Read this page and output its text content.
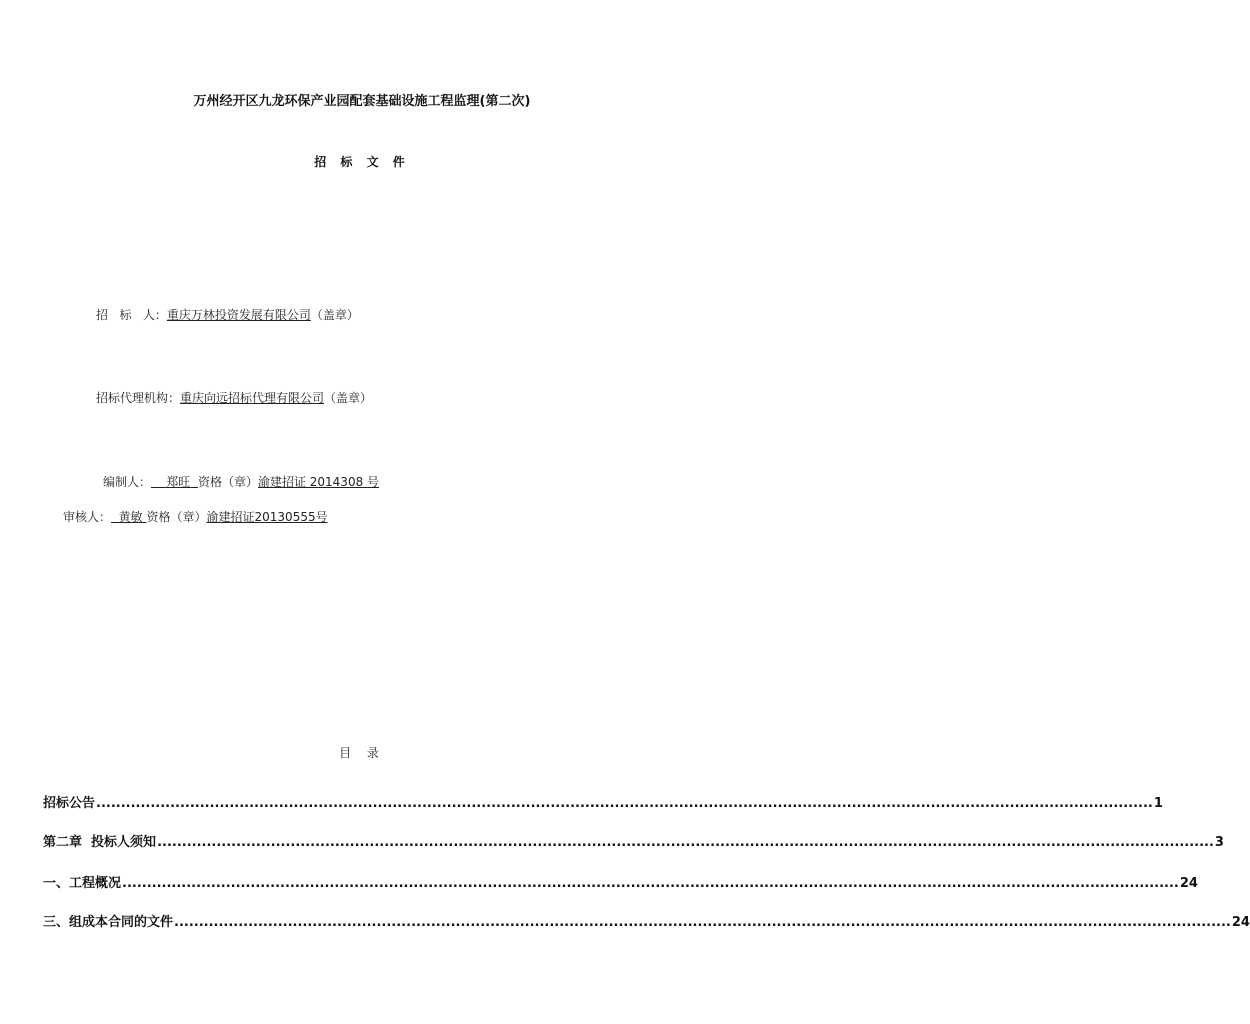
万州经开区九龙环保产业园配套基础设施工程监理(第二次)
招 标 文 件
招   标   人：重庆万林投资发展有限公司（盖章）
招标代理机构：重庆向远招标代理有限公司（盖章）
编制人： 郑旺 资格（章）渝建招证 2014308 号
审核人： 黄敏 资格（章）渝建招证20130555号
目 录
招标公告 ...................................................................................................................................................................................................................... 1
第二章  投标人须知 ...................................................................................................................................................................................................................... 3
一、工程概况 ...................................................................................................................................................................................................................... 24
三、组成本合同的文件 ...................................................................................................................................................................................................................... 24
